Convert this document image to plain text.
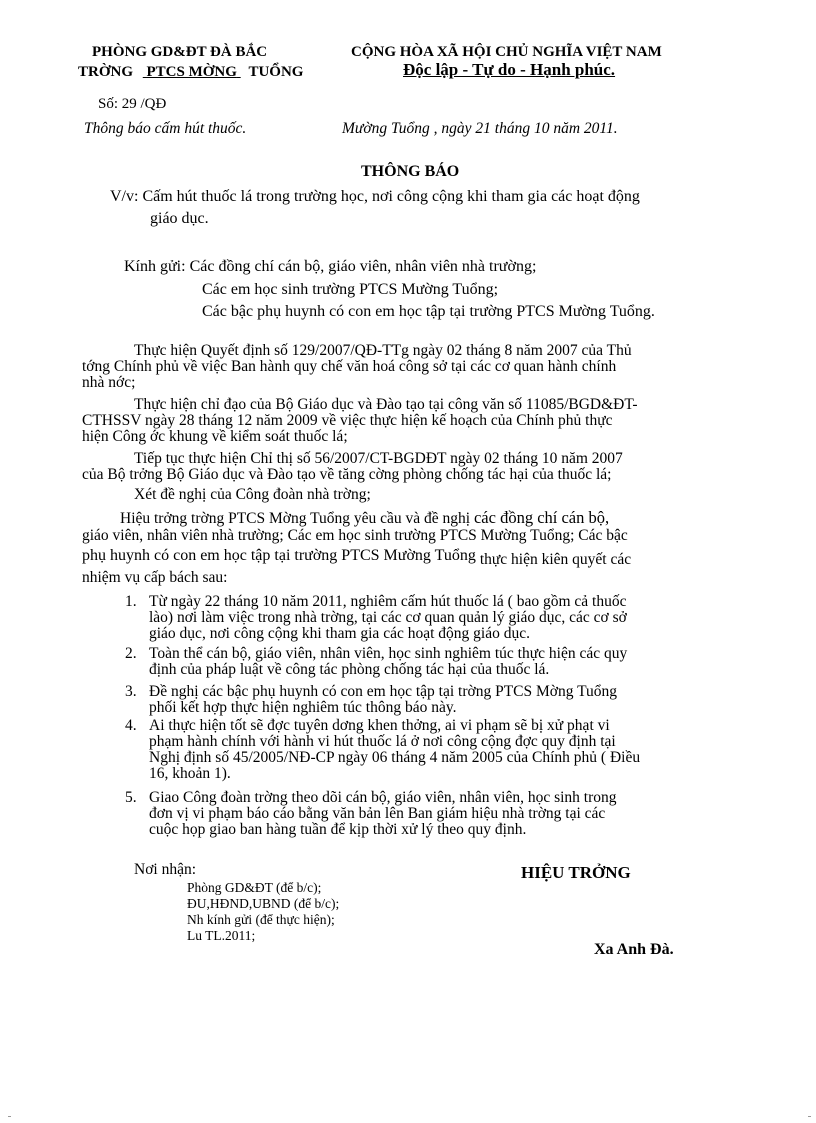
PHÒNG GD&ĐT ĐÀ BẮC
TRỜNG PTCS MỜNG TUỔNG
CỘNG HÒA XÃ HỘI CHỦ NGHĨA VIỆT NAM
Độc lập - Tự do - Hạnh phúc.
Số: 29 /QĐ
Thông báo cấm hút thuốc.	Mường Tuổng , ngày 21 tháng 10 năm 2011.
THÔNG BÁO
V/v: Cấm hút thuốc lá trong trường học, nơi công cộng khi tham gia các hoạt động
giáo dục.
Kính gửi: Các đồng chí cán bộ, giáo viên, nhân viên nhà trường;
Các em học sinh trường PTCS Mường Tuổng;
Các bậc phụ huynh có con em học tập tại trường PTCS Mường Tuổng.
Thực hiện Quyết định số 129/2007/QĐ-TTg ngày 02 tháng 8 năm 2007 của Thủ
tớng Chính phủ về việc Ban hành quy chế văn hoá công sở tại các cơ quan hành chính
nhà nớc;
Thực hiện chỉ đạo của Bộ Giáo dục và Đào tạo tại công văn số 11085/BGD&ĐT-
CTHSSV ngày 28 tháng 12 năm 2009 về việc thực hiện kế hoạch của Chính phủ thực
hiện Công ớc khung về kiểm soát thuốc lá;
Tiếp tục thực hiện Chỉ thị số 56/2007/CT-BGDĐT ngày 02 tháng 10 năm 2007
của Bộ trởng Bộ Giáo dục và Đào tạo về tăng cờng phòng chống tác hại của thuốc lá;
Xét đề nghị của Công đoàn nhà trờng;
Hiệu trởng trờng PTCS Mờng Tuổng yêu cầu và đề nghị các đồng chí cán bộ,
giáo viên, nhân viên nhà trường; Các em học sinh trường PTCS Mường Tuổng; Các bậc
phụ huynh có con em học tập tại trường PTCS Mường Tuổng thực hiện kiên quyết các
nhiệm vụ cấp bách sau:
1. Từ ngày 22 tháng 10 năm 2011, nghiêm cấm hút thuốc lá ( bao gồm cả thuốc
lào) nơi làm việc trong nhà trờng, tại các cơ quan quản lý giáo dục, các cơ sở
giáo dục, nơi công cộng khi tham gia các hoạt động giáo dục.
2. Toàn thể cán bộ, giáo viên, nhân viên, học sinh nghiêm túc thực hiện các quy
định của pháp luật về công tác phòng chống tác hại của thuốc lá.
3. Đề nghị các bậc phụ huynh có con em học tập tại trờng PTCS Mờng Tuổng
phối kết hợp thực hiện nghiêm túc thông báo này.
4. Ai thực hiện tốt sẽ đợc tuyên dơng khen thởng, ai vi phạm sẽ bị xử phạt vi
phạm hành chính với hành vi hút thuốc lá ở nơi công cộng đợc quy định tại
Nghị định số 45/2005/NĐ-CP ngày 06 tháng 4 năm 2005 của Chính phủ ( Điều
16, khoản 1).
5. Giao Công đoàn trờng theo dõi cán bộ, giáo viên, nhân viên, học sinh trong
đơn vị vi phạm báo cáo bằng văn bản lên Ban giám hiệu nhà trờng tại các
cuộc họp giao ban hàng tuần để kịp thời xử lý theo quy định.
Nơi nhận:
Phòng GD&ĐT (để b/c);
ĐU,HĐND,UBND (để b/c);
Nh kính gửi (để thực hiện);
Lu TL.2011;
HIỆU TRỞNG
Xa Anh Đà.
